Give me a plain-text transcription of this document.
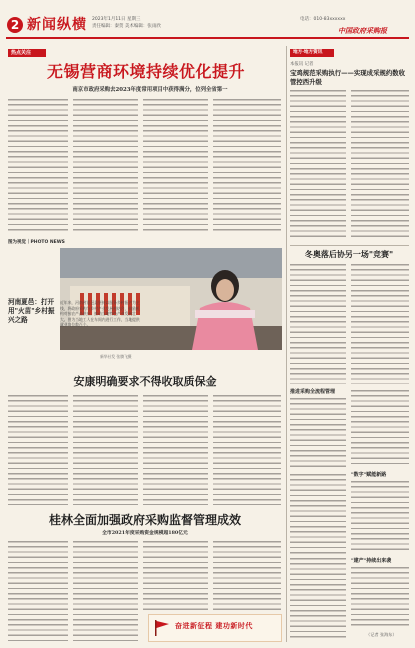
2 新闻纵横 2023年1月11日 星期三
责任编辑：秦贺 美术编辑：张雨欣
电话：010-83xxxxxx
中国政府采购报
热点关注
无锡营商环境持续优化提升
南京市政府采购去2023年度常用项目中获得满分，位列全省第一
图为视觉｜PHOTO NEWS
河南夏邑：打开用"火苗"乡村振兴之路
近年来，河南省夏邑县坚持以服务乡村振兴为主线，将政府采购与乡村产业发展相结合，鼓励机构对接农产品供应，推动当地特色产业发展壮大。图为当地工人在车间内进行工作，当地提供就业岗位数百个。
新华社发 张腾飞摄
安康明确要求不得收取质保金
桂林全面加强政府采购监督管理成效
全市2021年度采购资金规模超180亿元
奋进新征程 建功新时代
地方·地方资讯
本报讯 记者
宝鸡规范采购执行——实现成采规约数收管控西升级
冬奥落后协另一场"竞赛"
推进采购全流程管理
"数字"赋能新路
"建产"持续出来袭
（记者 张海东）
